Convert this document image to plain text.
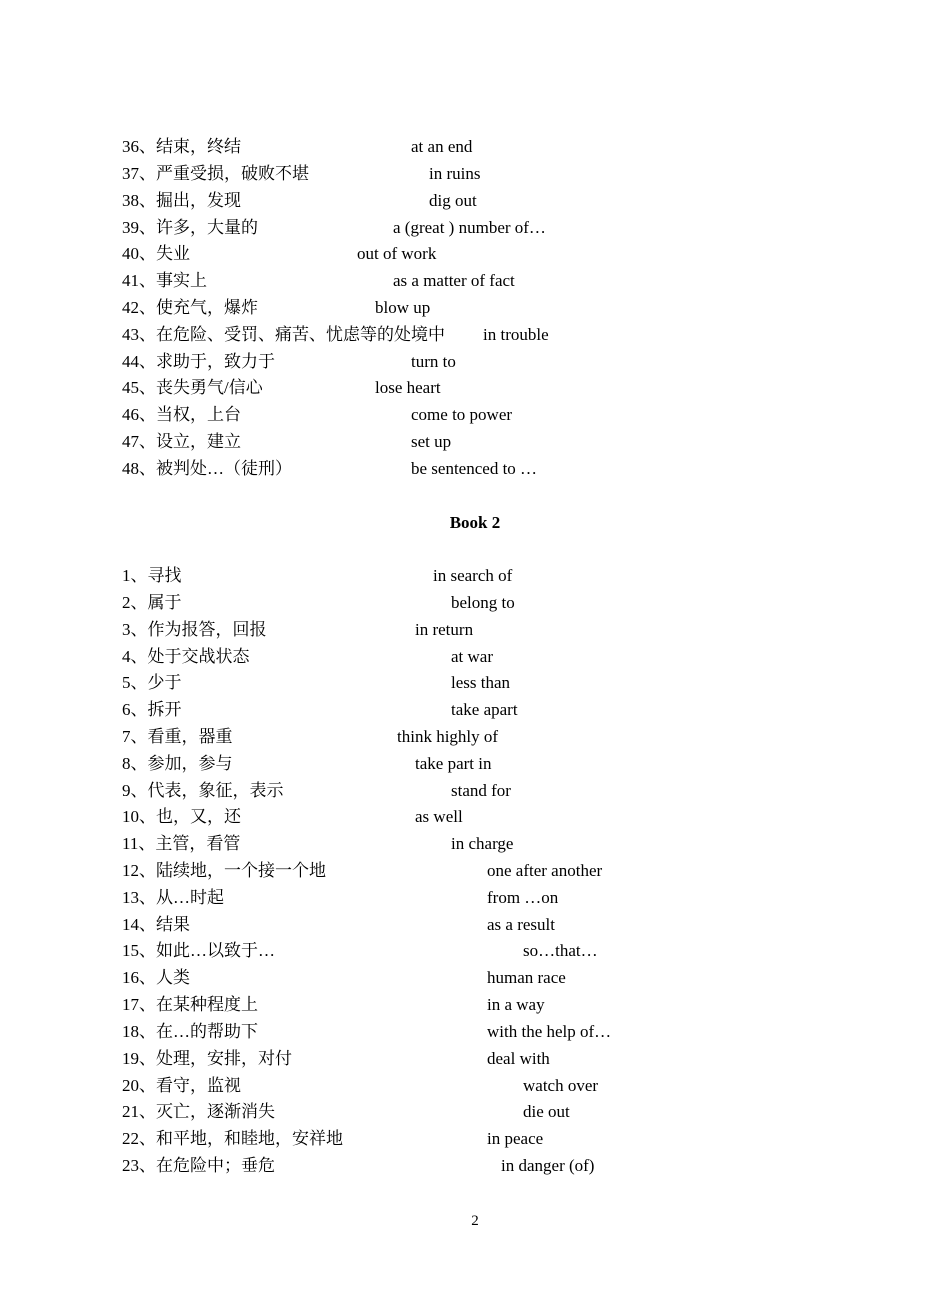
36、结束，终结	at an end
37、严重受损，破败不堪	in ruins
38、掘出，发现	dig out
39、许多，大量的	a (great ) number of…
40、失业	out of work
41、事实上	as a matter of fact
42、使充气，爆炸	blow up
43、在危险、受罚、痛苦、忧虑等的处境中 in trouble
44、求助于，致力于	turn to
45、丧失勇气/信心	lose heart
46、当权，上台	come to power
47、设立，建立	set up
48、被判处…（徒刑）	be sentenced to …
Book 2
1、寻找	in search of
2、属于	belong to
3、作为报答，回报	in return
4、处于交战状态	at war
5、少于	less than
6、拆开	take apart
7、看重，器重	think highly of
8、参加，参与	take part in
9、代表，象征，表示	stand for
10、也，又，还	as well
11、主管，看管	in charge
12、陆续地，一个接一个地	one after another
13、从…时起	from …on
14、结果	as a result
15、如此…以致于…	so…that…
16、人类	human race
17、在某种程度上	in a way
18、在…的帮助下	with the help of…
19、处理，安排，对付	deal with
20、看守，监视	watch over
21、灭亡，逐渐消失	die out
22、和平地，和睦地，安祥地	in peace
23、在危险中；垂危	in danger (of)
2
